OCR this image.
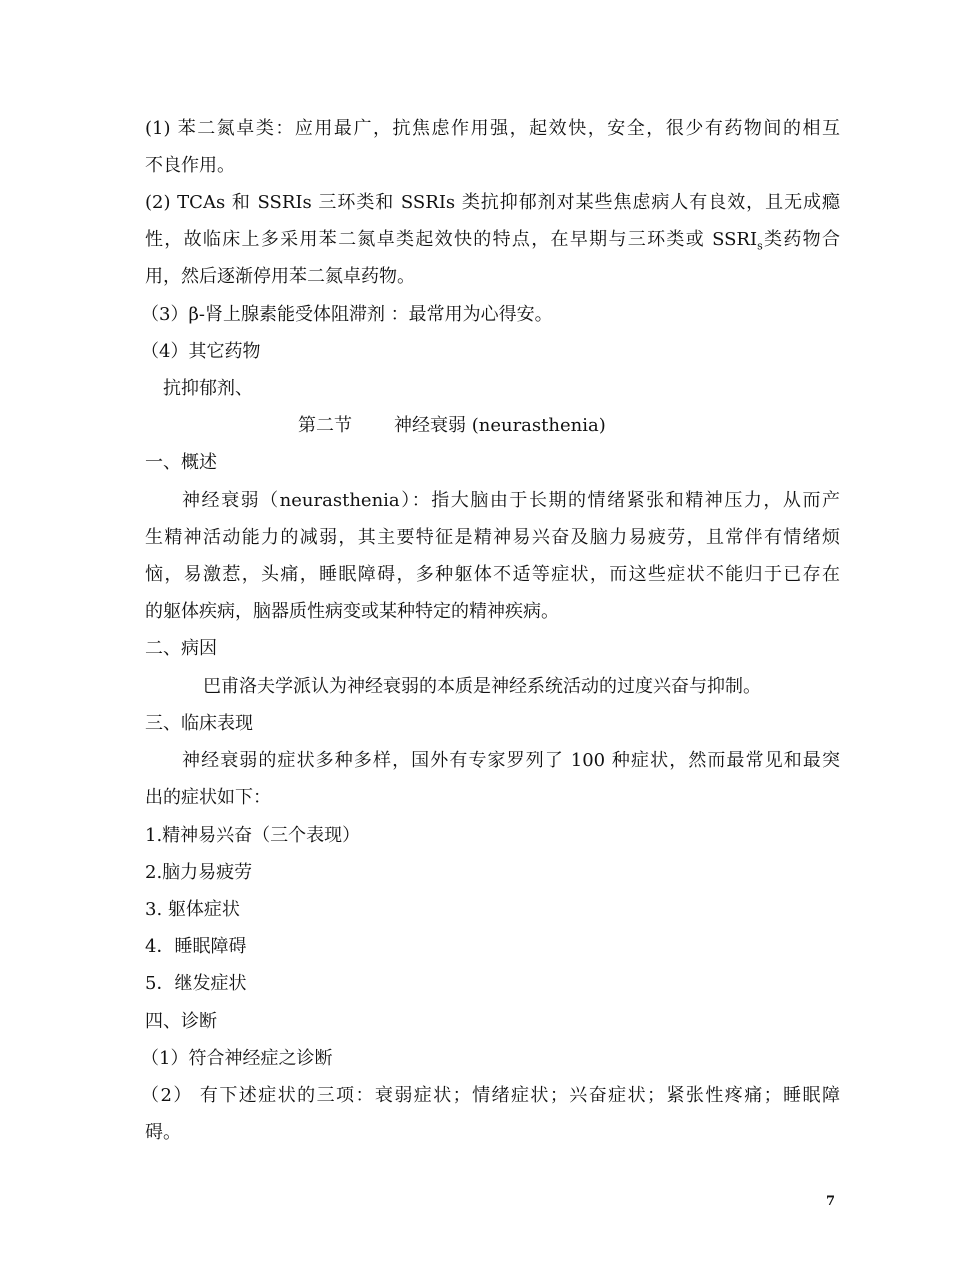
(1) 苯二氮卓类：应用最广，抗焦虑作用强，起效快，安全，很少有药物间的相互
不良作用。
(2) TCAs 和 SSRIs 三环类和 SSRIs 类抗抑郁剂对某些焦虑病人有良效，且无成瘾
性，故临床上多采用苯二氮卓类起效快的特点，在早期与三环类或 $SSRI_s$类药物合
用，然后逐渐停用苯二氮卓药物。
（3）β-肾上腺素能受体阻滞剂 ：最常用为心得安。
（4）其它药物
抗抑郁剂、
第二节	神经衰弱 (neurasthenia)
一、概述
神经衰弱（neurasthenia）：指大脑由于长期的情绪紧张和精神压力，从而产
生精神活动能力的减弱，其主要特征是精神易兴奋及脑力易疲劳，且常伴有情绪烦
恼，易激惹，头痛，睡眠障碍，多种躯体不适等症状，而这些症状不能归于已存在
的躯体疾病，脑器质性病变或某种特定的精神疾病。
二、病因
巴甫洛夫学派认为神经衰弱的本质是神经系统活动的过度兴奋与抑制。
三、临床表现
神经衰弱的症状多种多样，国外有专家罗列了 100 种症状，然而最常见和最突
出的症状如下：
1.精神易兴奋（三个表现）
2.脑力易疲劳
3. 躯体症状
4．睡眠障碍
5．继发症状
四、诊断
（1）符合神经症之诊断
（2） 有下述症状的三项：衰弱症状；情绪症状；兴奋症状；紧张性疼痛；睡眠障
碍。
7
